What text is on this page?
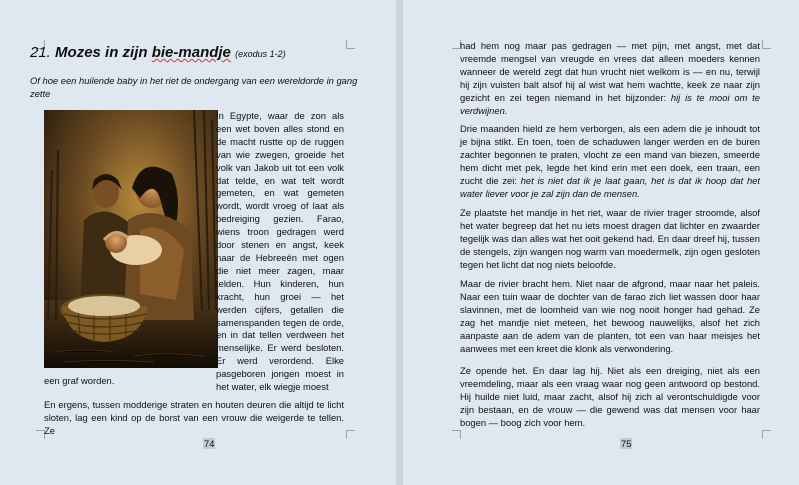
21. Mozes in zijn bie-mandje (exodus 1-2)
Of hoe een huilende baby in het riet de ondergang van een wereldorde in gang zette
In Egypte, waar de zon als een wet boven alles stond en de macht rustte op de ruggen van wie zwegen, groeide het volk van Jakob uit tot een volk dat telde, en wat telt wordt gemeten, en wat gemeten wordt, wordt vroeg of laat als bedreiging gezien. Farao, wiens troon gedragen werd door stenen en angst, keek naar de Hebreeën met ogen die niet meer zagen, maar telden. Hun kinderen, hun kracht, hun groei — het werden cijfers, getallen die samenspanden tegen de orde, en in dat tellen verdween het menselijke. Er werd besloten. Er werd verordend. Elke pasgeboren jongen moest in het water, elk wiegje moest
een graf worden.
En ergens, tussen modderige straten en houten deuren die altijd te licht sloten, lag een kind op de borst van een vrouw die weigerde te tellen. Ze
74

had hem nog maar pas gedragen — met pijn, met angst, met dat vreemde mengsel van vreugde en vrees dat alleen moeders kennen wanneer de wereld zegt dat hun vrucht niet welkom is — en nu, terwijl hij zijn vuisten balt alsof hij al wist wat hem wachtte, keek ze naar zijn gezicht en zei tegen niemand in het bijzonder: hij is te mooi om te verdwijnen.

Drie maanden hield ze hem verborgen, als een adem die je inhoudt tot je bijna stikt. En toen, toen de schaduwen langer werden en de buren zachter begonnen te praten, vlocht ze een mand van biezen, smeerde hem dicht met pek, legde het kind erin met een doek, een traan, een zucht die zei: het is niet dat ik je laat gaan, het is dat ik hoop dat het water liever voor je zal zijn dan de mensen.

Ze plaatste het mandje in het riet, waar de rivier trager stroomde, alsof het water begreep dat het nu iets moest dragen dat lichter en zwaarder tegelijk was dan alles wat het ooit gekend had. En daar dreef hij, tussen de stengels, zijn wangen nog warm van moedermelk, zijn ogen gesloten tegen het licht dat nog niets beloofde.
Maar de rivier bracht hem. Niet naar de afgrond, maar naar het paleis. Naar een tuin waar de dochter van de farao zich liet wassen door haar slavinnen, met de loomheid van wie nog nooit honger had gehad. Ze zag het mandje niet meteen, het bewoog nauwelijks, alsof het zich aanpaste aan de adem van de planten, tot een van haar meisjes het aanwees met een kreet die klonk als verwondering.
Ze opende het. En daar lag hij. Niet als een dreiging, niet als een vreemdeling, maar als een vraag waar nog geen antwoord op bestond. Hij huilde niet luid, maar zacht, alsof hij zich al verontschuldigde voor zijn bestaan, en de vrouw — die gewend was dat mensen voor haar bogen — boog zich voor hem.
75
